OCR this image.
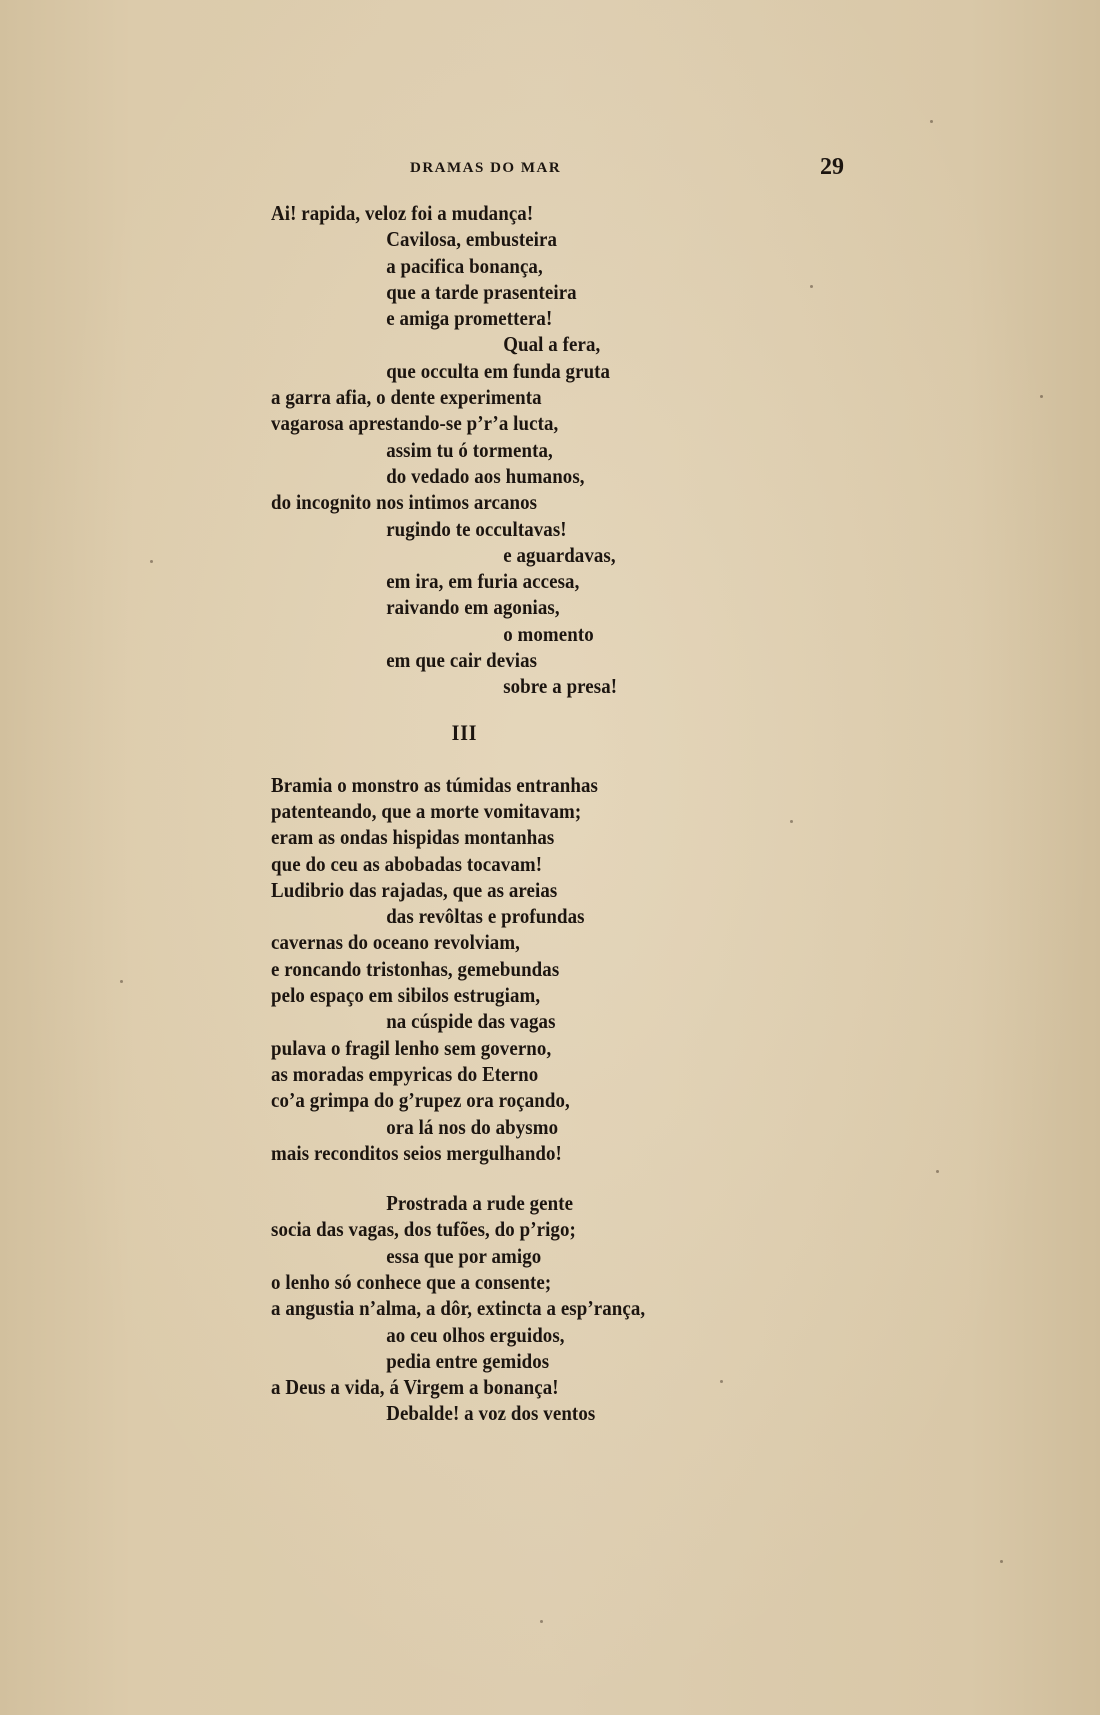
DRAMAS DO MAR	29
Ai! rapida, veloz foi a mudança!
Cavilosa, embusteira
a pacifica bonança,
que a tarde prasenteira
e amiga promettera!
Qual a fera,
que occulta em funda gruta
a garra afia, o dente experimenta
vagarosa aprestando-se p’r’a lucta,
assim tu ó tormenta,
do vedado aos humanos,
do incognito nos intimos arcanos
rugindo te occultavas!
e aguardavas,
em ira, em furia accesa,
raivando em agonias,
o momento
em que cair devias
sobre a presa!
III
Bramia o monstro as túmidas entranhas
patenteando, que a morte vomitavam;
eram as ondas hispidas montanhas
que do ceu as abobadas tocavam!
Ludibrio das rajadas, que as areias
das revôltas e profundas
cavernas do oceano revolviam,
e roncando tristonhas, gemebundas
pelo espaço em sibilos estrugiam,
na cúspide das vagas
pulava o fragil lenho sem governo,
as moradas empyricas do Eterno
co’a grimpa do g’rupez ora roçando,
ora lá nos do abysmo
mais reconditos seios mergulhando!
Prostrada a rude gente
socia das vagas, dos tufões, do p’rigo;
essa que por amigo
o lenho só conhece que a consente;
a angustia n’alma, a dôr, extincta a esp’rança,
ao ceu olhos erguidos,
pedia entre gemidos
a Deus a vida, á Virgem a bonança!
Debalde! a voz dos ventos
